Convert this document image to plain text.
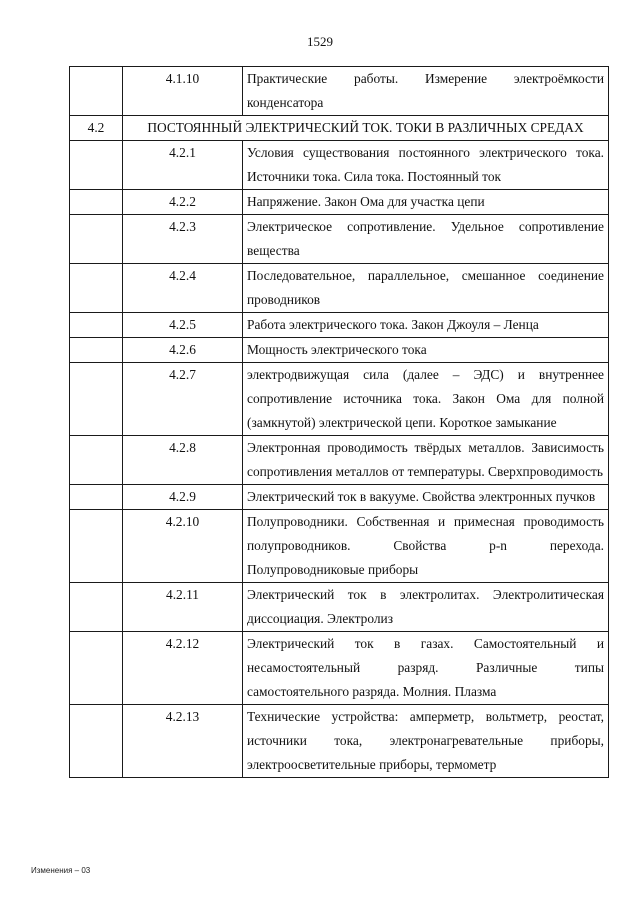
1529
	4.1.10	Практические работы. Измерение электроёмкости конденсатора
4.2	ПОСТОЯННЫЙ ЭЛЕКТРИЧЕСКИЙ ТОК. ТОКИ В РАЗЛИЧНЫХ СРЕДАХ	
	4.2.1	Условия существования постоянного электрического тока. Источники тока. Сила тока. Постоянный ток
	4.2.2	Напряжение. Закон Ома для участка цепи
	4.2.3	Электрическое сопротивление. Удельное сопротивление вещества
	4.2.4	Последовательное, параллельное, смешанное соединение проводников
	4.2.5	Работа электрического тока. Закон Джоуля – Ленца
	4.2.6	Мощность электрического тока
	4.2.7	электродвижущая сила (далее – ЭДС) и внутреннее сопротивление источника тока. Закон Ома для полной (замкнутой) электрической цепи. Короткое замыкание
	4.2.8	Электронная проводимость твёрдых металлов. Зависимость сопротивления металлов от температуры. Сверхпроводимость
	4.2.9	Электрический ток в вакууме. Свойства электронных пучков
	4.2.10	Полупроводники. Собственная и примесная проводимость полупроводников. Свойства p-n перехода. Полупроводниковые приборы
	4.2.11	Электрический ток в электролитах. Электролитическая диссоциация. Электролиз
	4.2.12	Электрический ток в газах. Самостоятельный и несамостоятельный разряд. Различные типы самостоятельного разряда. Молния. Плазма
	4.2.13	Технические устройства: амперметр, вольтметр, реостат, источники тока, электронагревательные приборы, электроосветительные приборы, термометр
Изменения – 03
